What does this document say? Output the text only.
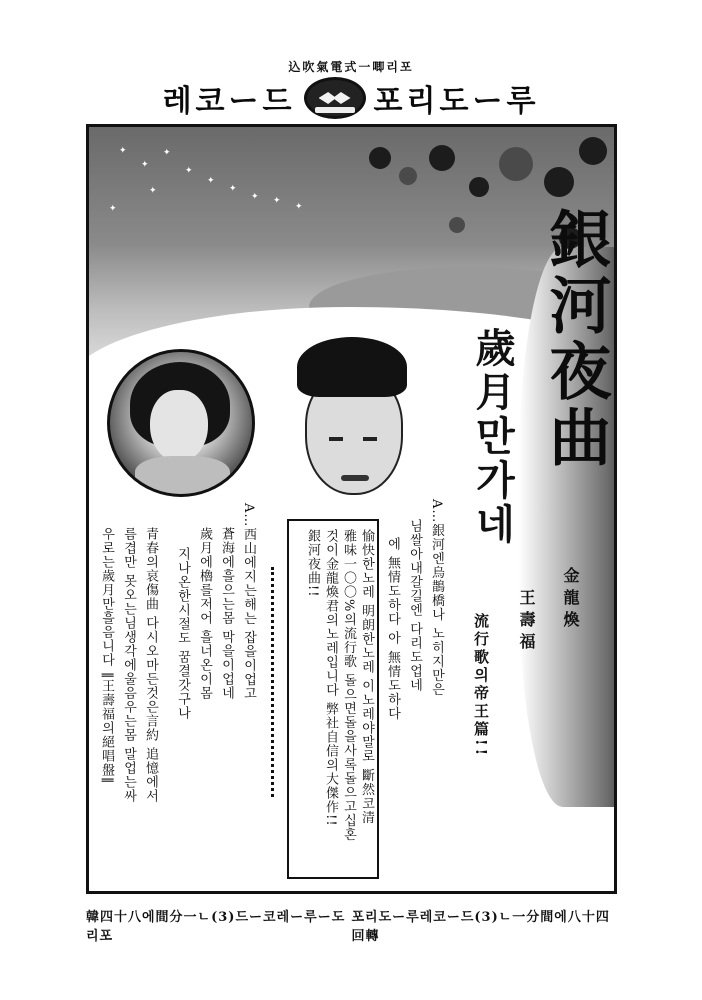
込吹氣電式一唧리포
레코ー드	포리도ー루
✦
✦
✦
✦
✦
✦
✦ ✦
✦
✦
✦	銀河夜曲
歲月만가네
金龍煥
王壽福
流行歌의帝王篇!!
A…銀河엔烏鵲橋나 노히지만은
님쌀아내갈길엔 다리도업네
에 無情도하다 아 無情도하다
愉快한노레 明朗한노레 이노레야말로 斷然코清
雅味一〇〇%의流行歌 돌으면돌을사록돌으고십혼
것이金龍煥君의노레입니다 弊社自信의大傑作!!
銀河夜曲!!
A…西山에지는해는 잡을이업고
蒼海에흘으는몸 막을이업네
歲月에櫓를저어 흘너온이몸
지나온한시절도 꿈결갓구나
青春의哀傷曲 다시오마든것은言約 追憶에서
름겹만 못오는님생각에울음우는몸 말업는싸
우로는歲月만흘음니다 ∥王壽福의絕唱盤∥
韓四十八에間分一ㄴ(3)드ー코레ー루ー도리포
포리도ー루레코ー드(3)ㄴ一分間에八十四回轉
